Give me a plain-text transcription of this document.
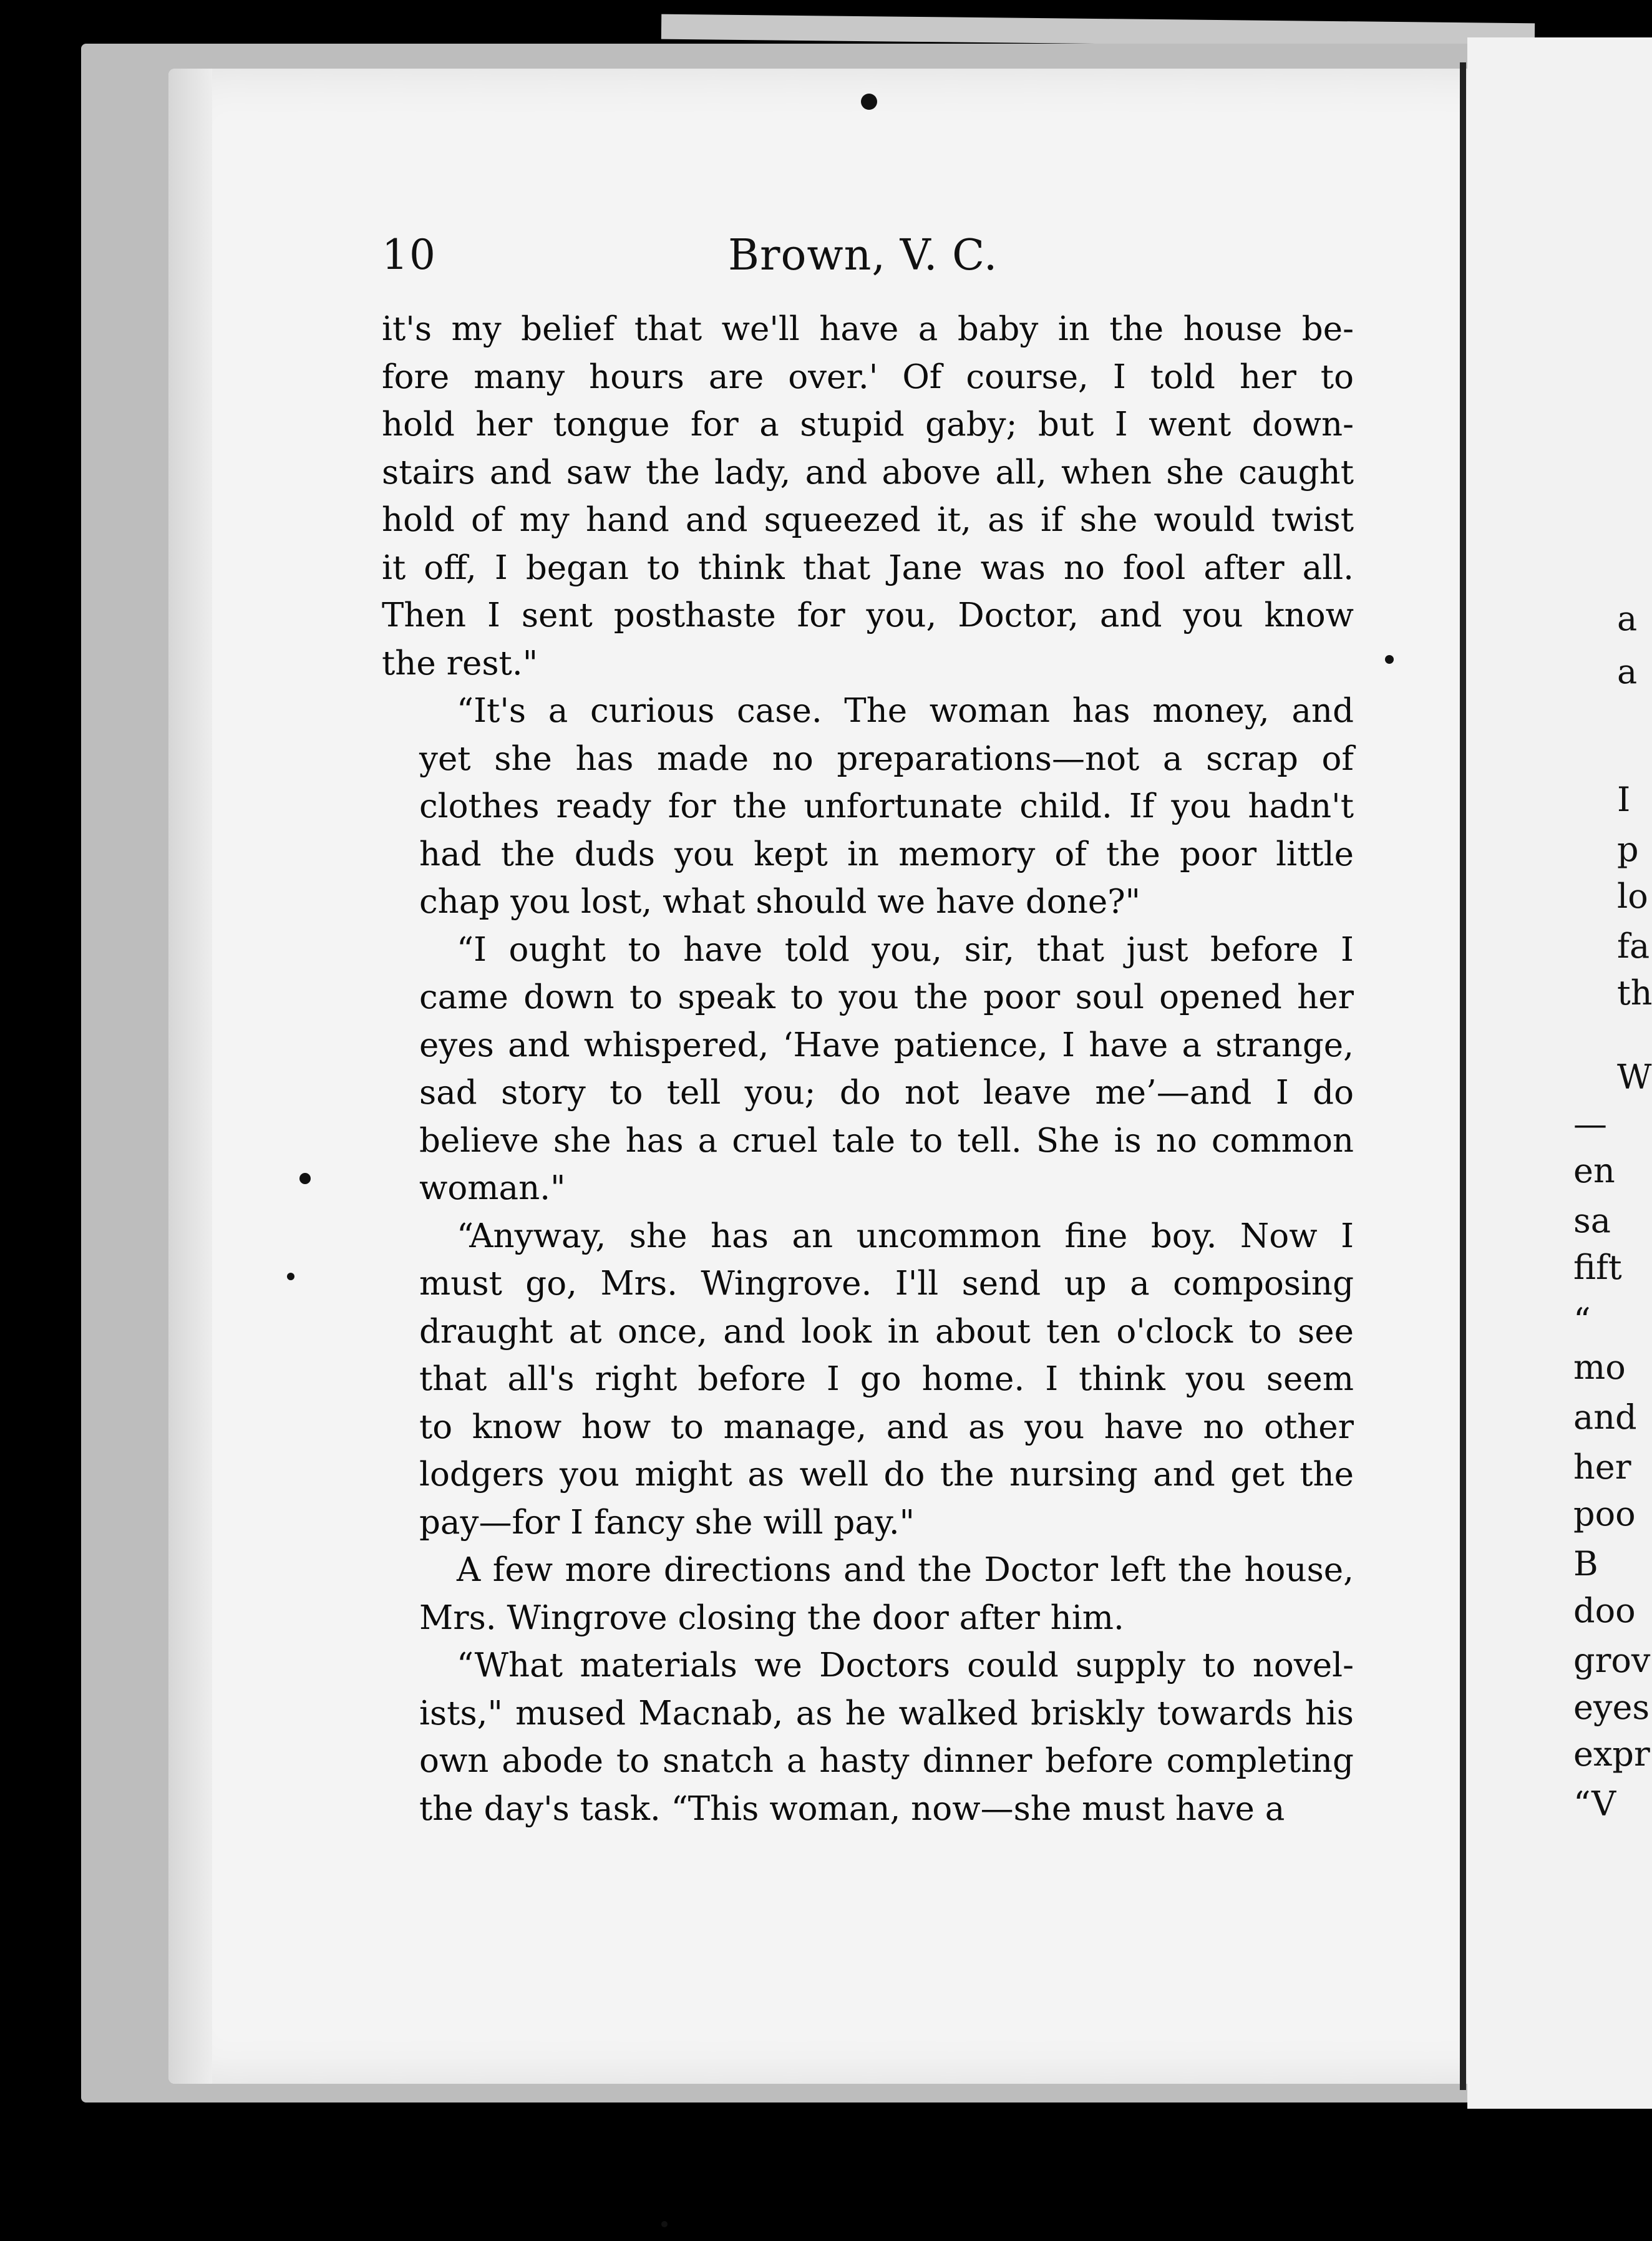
a
a
I
p
lo
fa
th
W
—
en
sa
fift
“
mo
and
her
poo
B
doo
grov
eyes
expr
“V
10	Brown, V. C.
it's my belief that we'll have a baby in the house be-
fore many hours are over.' Of course, I told her to
hold her tongue for a stupid gaby; but I went down-
stairs and saw the lady, and above all, when she caught
hold of my hand and squeezed it, as if she would twist
it off, I began to think that Jane was no fool after all.
Then I sent posthaste for you, Doctor, and you know
the rest."
“It's a curious case. The woman has money, and
yet she has made no preparations—not a scrap of
clothes ready for the unfortunate child. If you hadn't
had the duds you kept in memory of the poor little
chap you lost, what should we have done?"
“I ought to have told you, sir, that just before I
came down to speak to you the poor soul opened her
eyes and whispered, ‘Have patience, I have a strange,
sad story to tell you; do not leave me’—and I do
believe she has a cruel tale to tell. She is no common
woman."
“Anyway, she has an uncommon fine boy. Now I
must go, Mrs. Wingrove. I'll send up a composing
draught at once, and look in about ten o'clock to see
that all's right before I go home. I think you seem
to know how to manage, and as you have no other
lodgers you might as well do the nursing and get the
pay—for I fancy she will pay."
A few more directions and the Doctor left the house,
Mrs. Wingrove closing the door after him.
“What materials we Doctors could supply to novel-
ists," mused Macnab, as he walked briskly towards his
own abode to snatch a hasty dinner before completing
the day's task. “This woman, now—she must have a
